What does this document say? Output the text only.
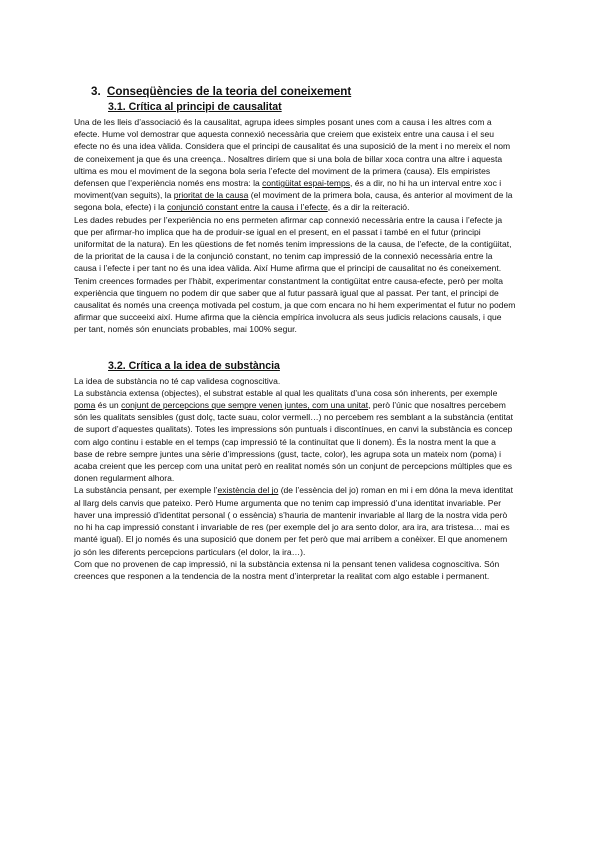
3. Conseqüències de la teoria del coneixement
3.1. Crítica al principi de causalitat

Una de les lleis d’associació és la causalitat, agrupa idees simples posant unes com a causa i les altres com a efecte. Hume vol demostrar que aquesta connexió necessària que creiem que existeix entre una causa i el seu efecte no és una idea vàlida. Considera que el principi de causalitat és una suposició de la ment i no mereix el nom de coneixement ja que és una creença.. Nosaltres diríem que si una bola de billar xoca contra una altre i aquesta ultima es mou el moviment de la segona bola seria l’efecte del moviment de la primera (causa). Els empiristes defensen que l’experiència només ens mostra: la contigüitat espai-temps, és a dir, no hi ha un interval entre xoc i moviment(van seguits), la prioritat de la causa (el moviment de la primera bola, causa, és anterior al moviment de la segona bola, efecte) i la conjunció constant entre la causa i l’efecte, és a dir la reiteració.

Les dades rebudes per l’experiència no ens permeten afirmar cap connexió necessària entre la causa i l’efecte ja que per afirmar-ho implica que ha de produir-se igual en el present, en el passat i també en el futur (principi uniformitat de la natura). En les qüestions de fet només tenim impressions de la causa, de l’efecte, de la contigüitat, de la prioritat de la causa i de la conjunció constant, no tenim cap impressió de la connexió necessària entre la causa i l’efecte i per tant no és una idea vàlida. Així Hume afirma que el principi de causalitat no és coneixement. Tenim creences formades per l’hàbit, experimentar constantment la contigüitat entre causa-efecte, però per molta experiència que tinguem no podem dir que saber que al futur passarà igual que al passat. Per tant, el principi de causalitat és només una creença motivada pel costum, ja que com encara no hi hem experimentat el futur no podem afirmar que succeeixi així. Hume afirma que la ciència empírica involucra als seus judicis relacions causals, i que per tant, només són enunciats probables, mai 100% segur.

3.2. Crítica a la idea de substància

La idea de substància no té cap validesa cognoscitiva.

La substància extensa (objectes), el substrat estable al qual les qualitats d’una cosa són inherents, per exemple poma és un conjunt de percepcions que sempre venen juntes, com una unitat, però l’únic que nosaltres percebem són les qualitats sensibles (gust dolç, tacte suau, color vermell…) no percebem res semblant a la substància (entitat de suport d’aquestes qualitats). Totes les impressions són puntuals i discontínues, en canvi la substància es concep com algo continu i estable en el temps (cap impressió té la continuïtat que li donem). És la nostra ment la que a base de rebre sempre juntes una sèrie d’impressions (gust, tacte, color), les agrupa sota un mateix nom (poma) i acaba creient que les percep com una unitat però en realitat només són un conjunt de percepcions múltiples que es donen regularment alhora.

La substància pensant, per exemple l’existència del jo (de l’essència del jo) roman en mi i em dóna la meva identitat al llarg dels canvis que pateixo. Però Hume argumenta que no tenim cap impressió d’una identitat invariable. Per haver una impressió d’identitat personal ( o essència) s’hauria de mantenir invariable al llarg de la nostra vida però no hi ha cap impressió constant i invariable de res (per exemple del jo ara sento dolor, ara ira, ara tristesa… mai es manté igual). El jo només és una suposició que donem per fet però que mai arribem a conèixer. El que anomenem jo són les diferents percepcions particulars (el dolor, la ira…).

Com que no provenen de cap impressió, ni la substància extensa ni la pensant tenen validesa cognoscitiva. Són creences que responen a la tendencia de la nostra ment d’interpretar la realitat com algo estable i permanent.
